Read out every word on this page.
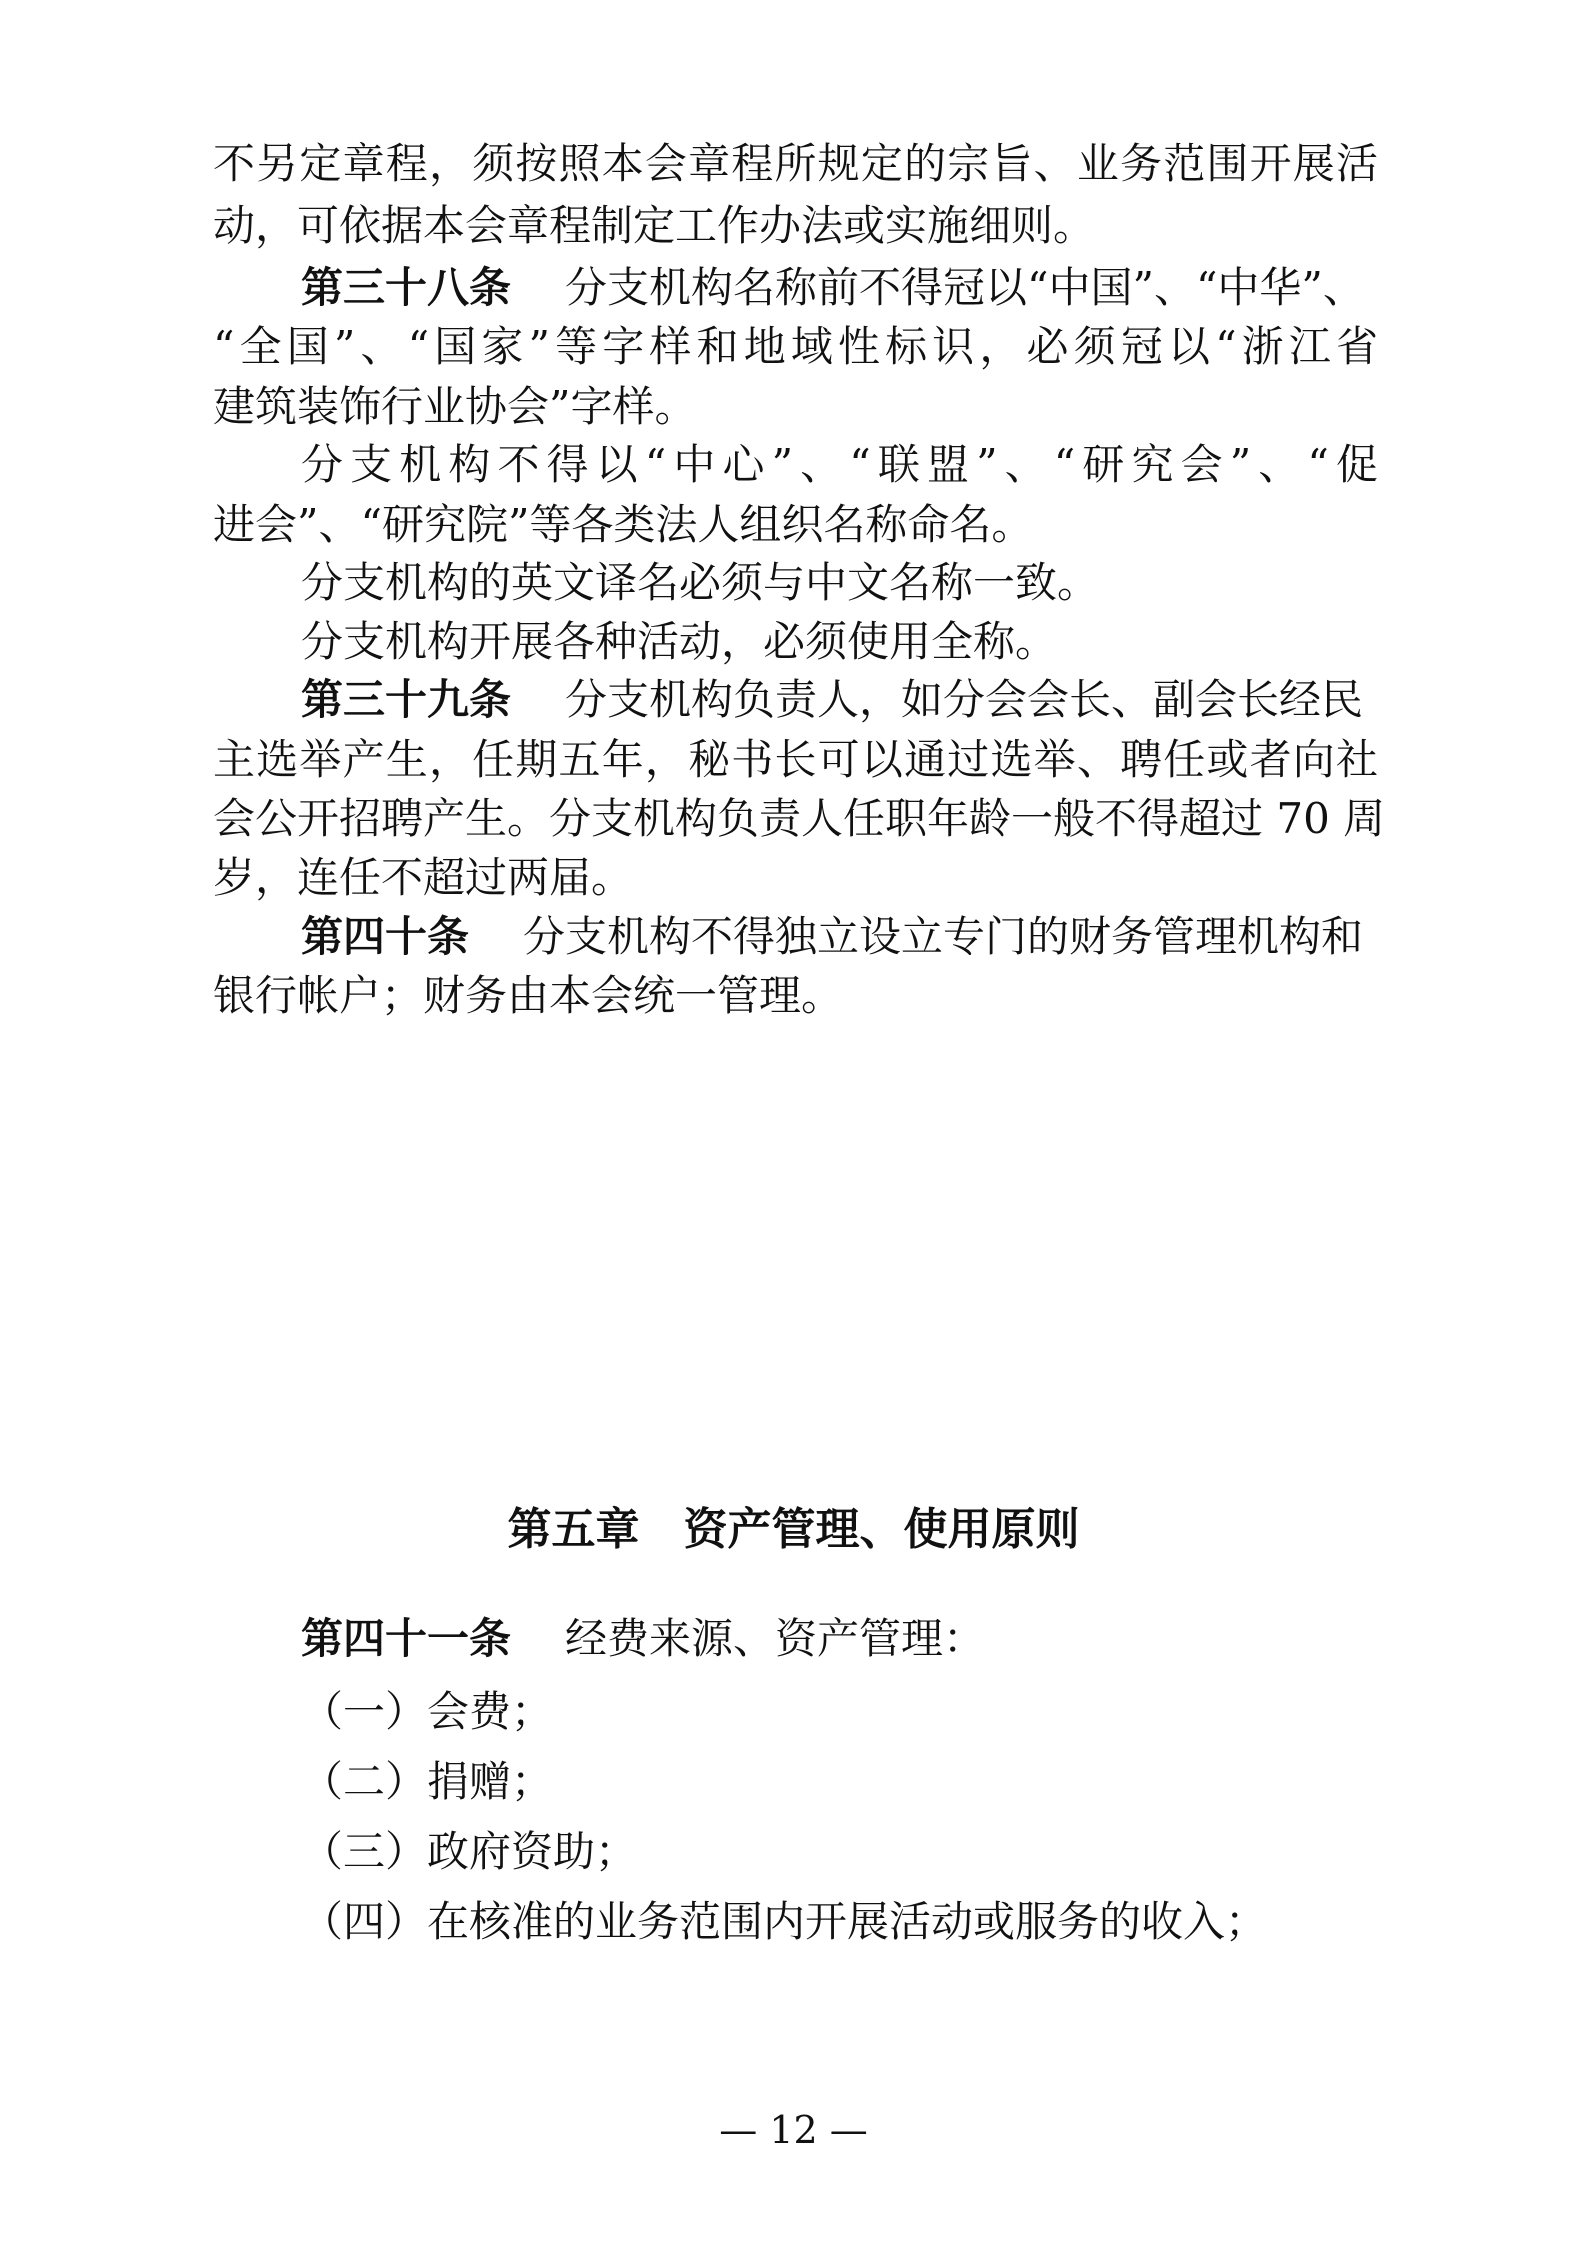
不另定章程，须按照本会章程所规定的宗旨、业务范围开展活
动，可依据本会章程制定工作办法或实施细则。
第三十八条 分支机构名称前不得冠以“中国”、“中华”、
“全国”、“国家”等字样和地域性标识，必须冠以“浙江省
建筑装饰行业协会”字样。
分支机构不得以“中心”、“联盟”、“研究会”、“促
进会”、“研究院”等各类法人组织名称命名。
分支机构的英文译名必须与中文名称一致。
分支机构开展各种活动，必须使用全称。
第三十九条 分支机构负责人，如分会会长、副会长经民
主选举产生，任期五年，秘书长可以通过选举、聘任或者向社
会公开招聘产生。分支机构负责人任职年龄一般不得超过 70 周
岁，连任不超过两届。
第四十条 分支机构不得独立设立专门的财务管理机构和
银行帐户；财务由本会统一管理。
第五章　资产管理、使用原则
第四十一条 经费来源、资产管理：
（一）会费；
（二）捐赠；
（三）政府资助；
（四）在核准的业务范围内开展活动或服务的收入；
— 12 —
